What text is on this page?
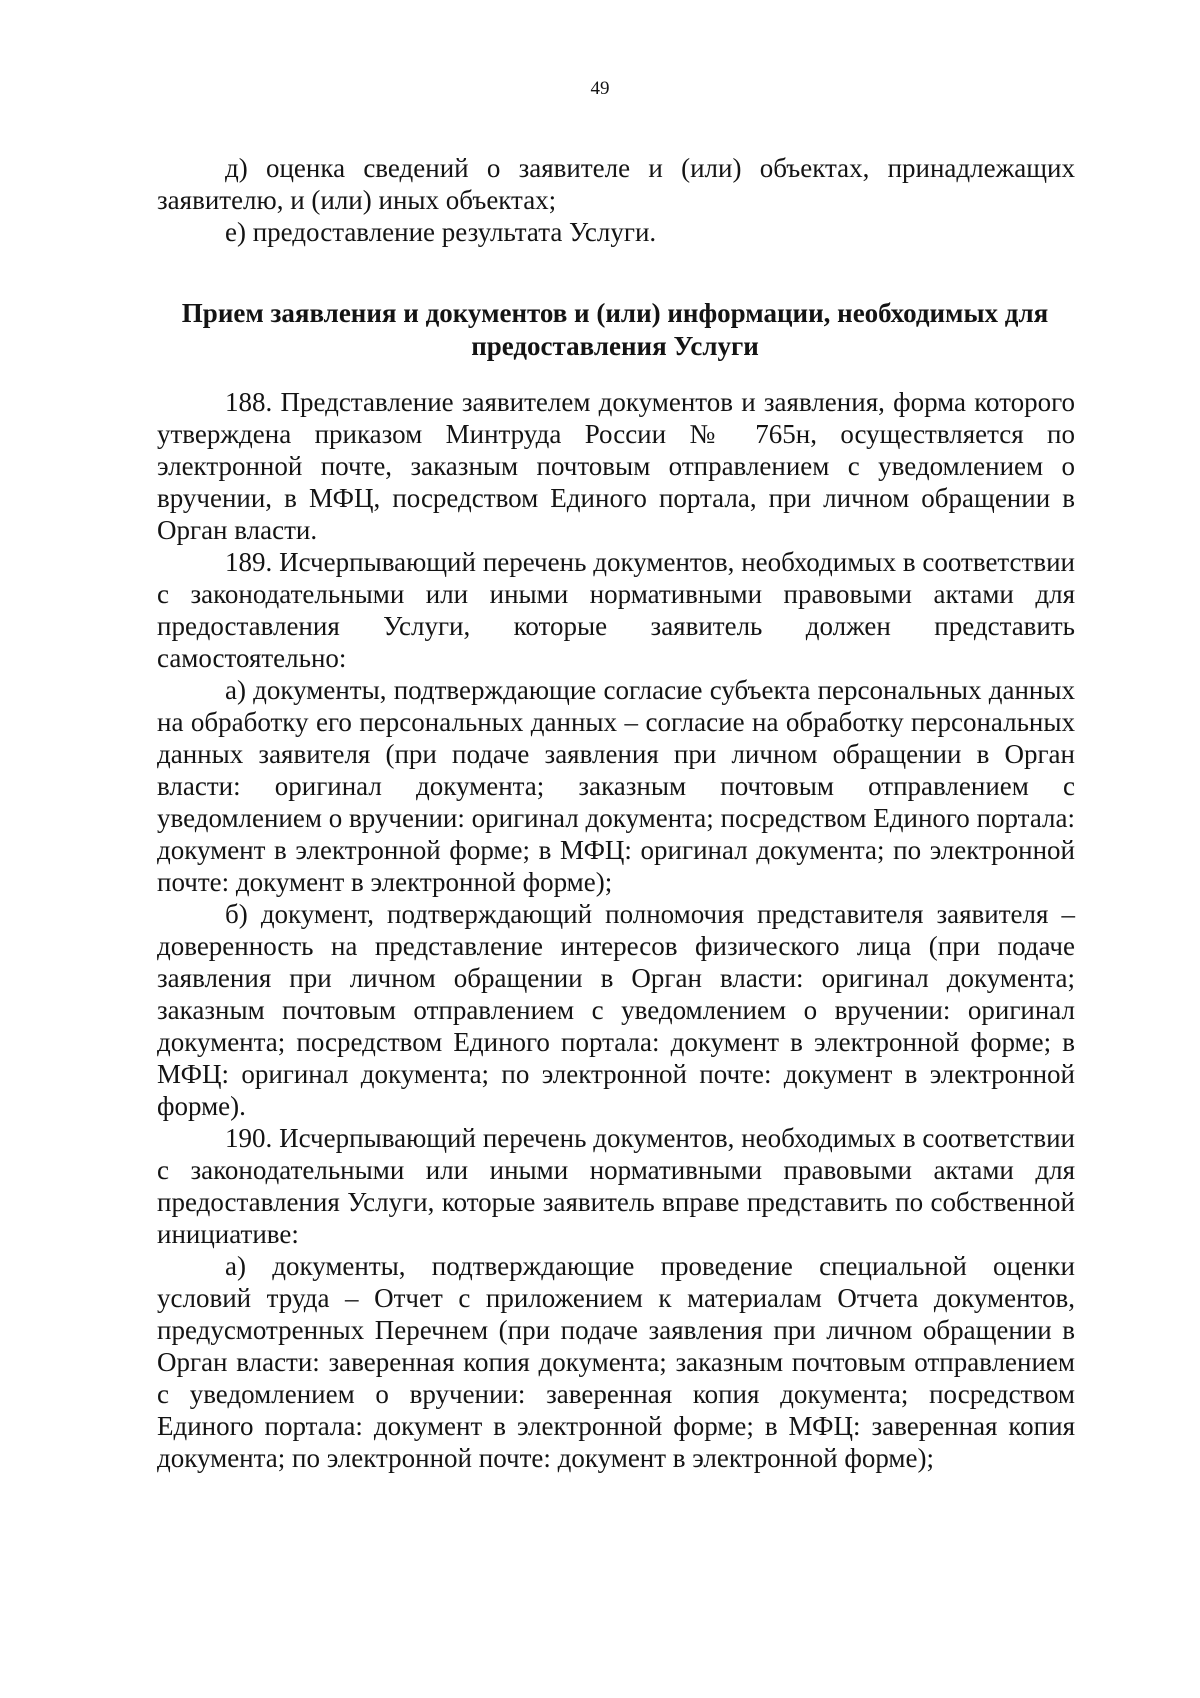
49

д) оценка сведений о заявителе и (или) объектах, принадлежащих заявителю, и (или) иных объектах;

е) предоставление результата Услуги.

Прием заявления и документов и (или) информации, необходимых для предоставления Услуги

188. Представление заявителем документов и заявления, форма которого утверждена приказом Минтруда России № 765н, осуществляется по электронной почте, заказным почтовым отправлением с уведомлением о вручении, в МФЦ, посредством Единого портала, при личном обращении в Орган власти.

189. Исчерпывающий перечень документов, необходимых в соответствии с законодательными или иными нормативными правовыми актами для предоставления Услуги, которые заявитель должен представить самостоятельно:

а) документы, подтверждающие согласие субъекта персональных данных на обработку его персональных данных – согласие на обработку персональных данных заявителя (при подаче заявления при личном обращении в Орган власти: оригинал документа; заказным почтовым отправлением с уведомлением о вручении: оригинал документа; посредством Единого портала: документ в электронной форме; в МФЦ: оригинал документа; по электронной почте: документ в электронной форме);

б) документ, подтверждающий полномочия представителя заявителя – доверенность на представление интересов физического лица (при подаче заявления при личном обращении в Орган власти: оригинал документа; заказным почтовым отправлением с уведомлением о вручении: оригинал документа; посредством Единого портала: документ в электронной форме; в МФЦ: оригинал документа; по электронной почте: документ в электронной форме).

190. Исчерпывающий перечень документов, необходимых в соответствии с законодательными или иными нормативными правовыми актами для предоставления Услуги, которые заявитель вправе представить по собственной инициативе:

а) документы, подтверждающие проведение специальной оценки условий труда – Отчет с приложением к материалам Отчета документов, предусмотренных Перечнем (при подаче заявления при личном обращении в Орган власти: заверенная копия документа; заказным почтовым отправлением с уведомлением о вручении: заверенная копия документа; посредством Единого портала: документ в электронной форме; в МФЦ: заверенная копия документа; по электронной почте: документ в электронной форме);
